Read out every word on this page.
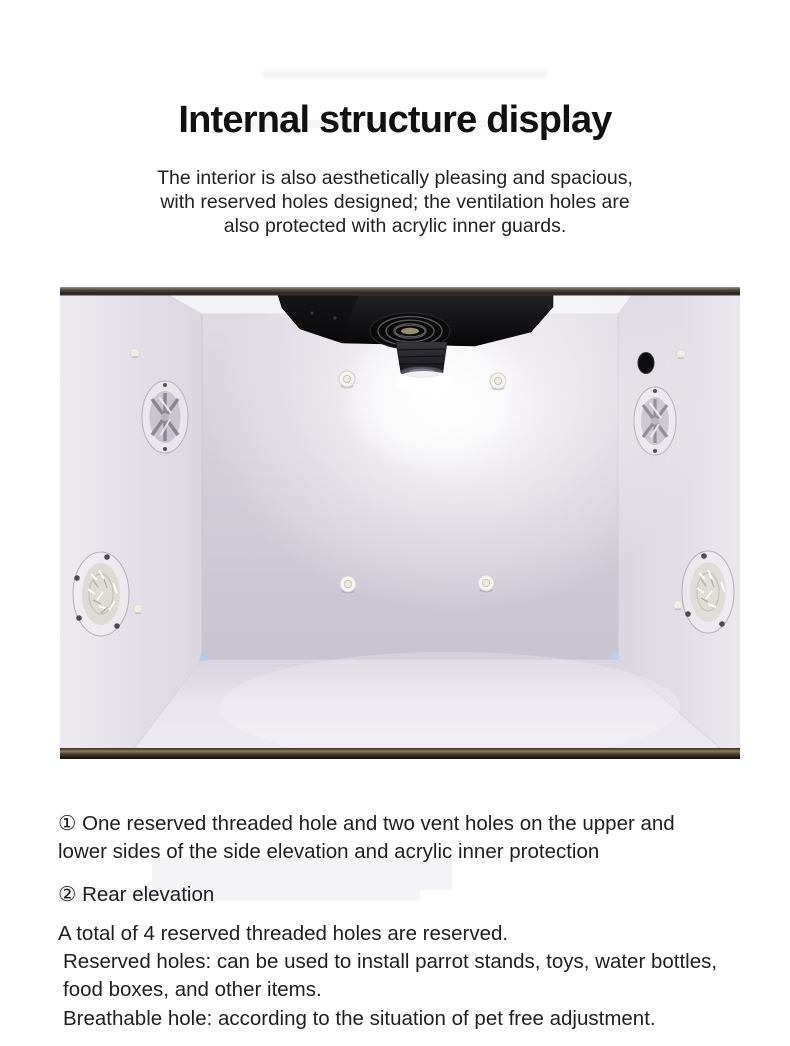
Internal structure display
The interior is also aesthetically pleasing and spacious,
with reserved holes designed; the ventilation holes are
also protected with acrylic inner guards.

① One reserved threaded hole and two vent holes on the upper and lower sides of the side elevation and acrylic inner protection

② Rear elevation

A total of 4 reserved threaded holes are reserved.

Reserved holes: can be used to install parrot stands, toys, water bottles, food boxes, and other items.

Breathable hole: according to the situation of pet free adjustment.
